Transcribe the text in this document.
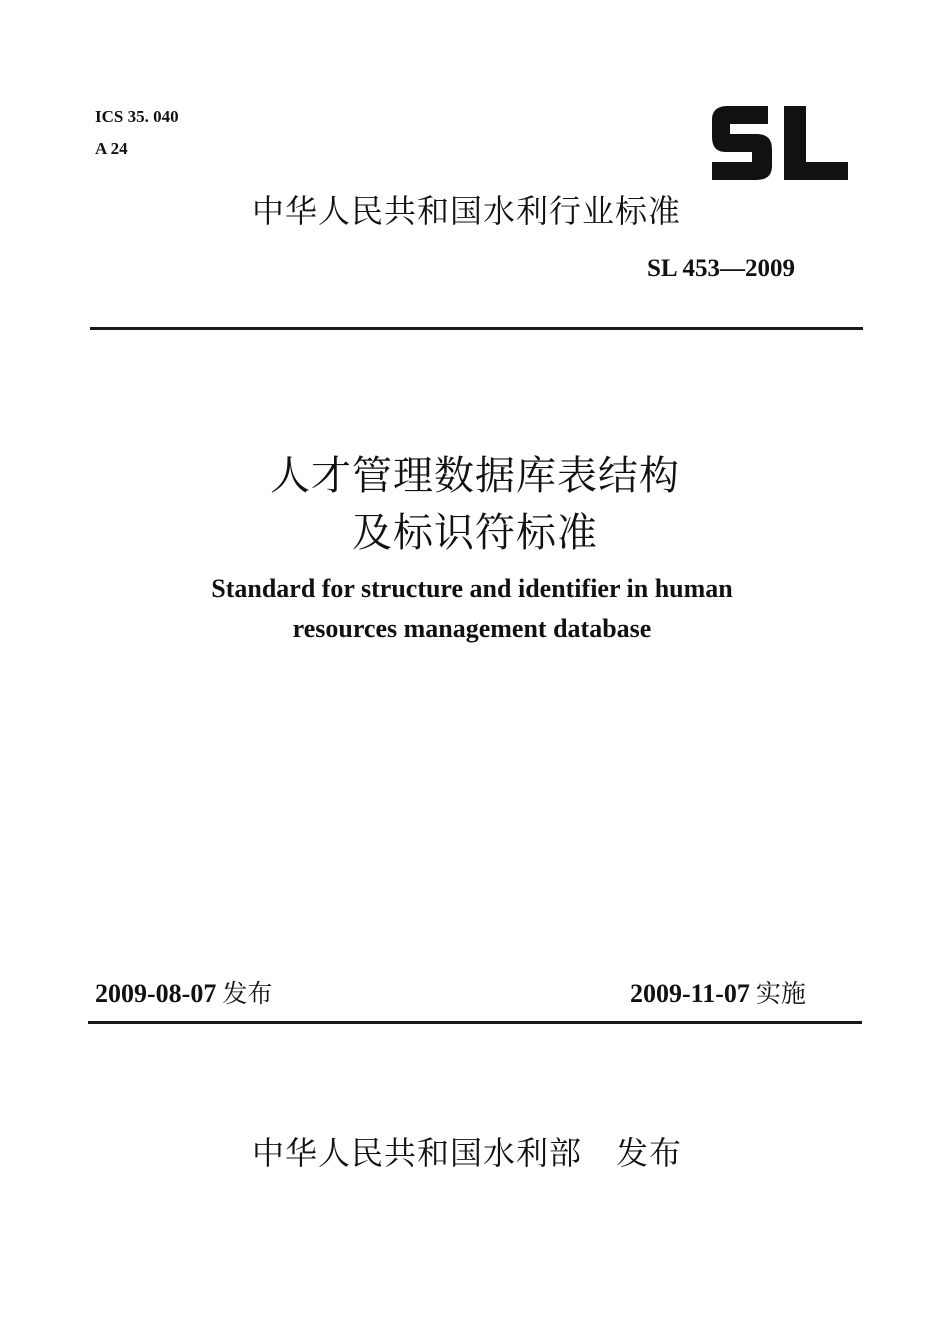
ICS 35. 040
A 24
中华人民共和国水利行业标准
SL 453—2009
人才管理数据库表结构
及标识符标准
Standard for structure and identifier in human
resources management database
2009-08-07 发布	2009-11-07 实施
中华人民共和国水利部 发布
